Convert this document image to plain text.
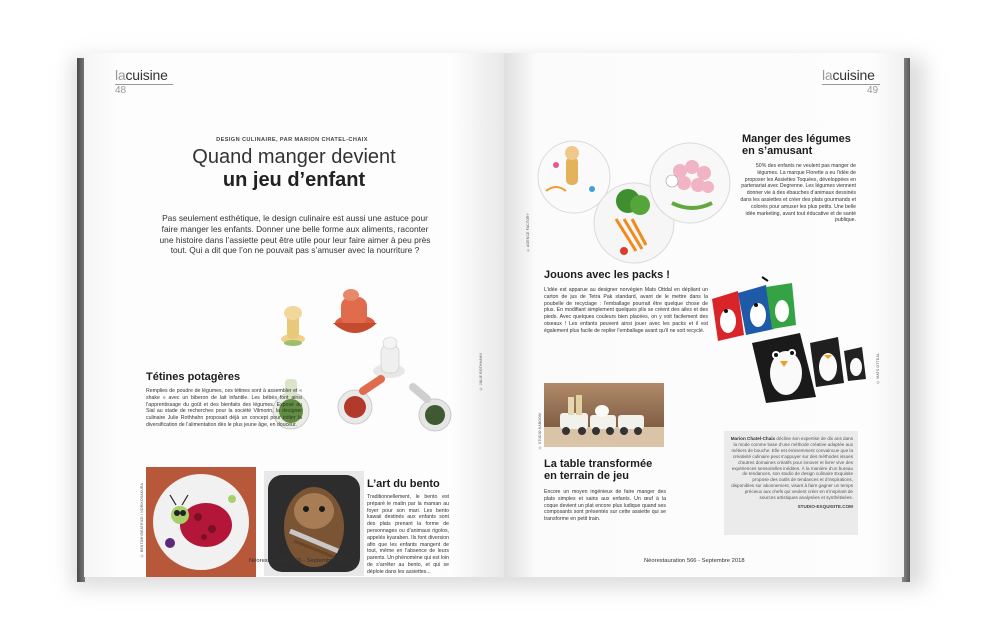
lacuisine
48
DESIGN CULINAIRE, PAR MARION CHATEL-CHAIX
Quand manger devient
un jeu d’enfant
Pas seulement esthétique, le design culinaire est aussi une astuce pour faire manger les enfants. Donner une belle forme aux aliments, raconter une histoire dans l’assiette peut être utile pour leur faire aimer à peu près tout. Qui a dit que l’on ne pouvait pas s’amuser avec la nourriture ?
© JULIE ROTHHAHN
Tétines potagères
Remplies de poudre de légumes, ces tétines sont à assembler et « shake » avec un biberon de lait infantile. Les bébés font ainsi l’apprentissage du goût et des bienfaits des légumes. Exposé au Sial au stade de recherches pour la société Vilmorin, la designer culinaire Julie Rothhahn proposait déjà un concept pour initier la diversification de l’alimentation dès le plus jeune âge, en douceur.
© BENTOBYBEATRICE / NORIKOSAKURA	L’art du bento
Traditionnellement, le bento est préparé le matin par la maman au foyer pour son mari. Les bento kawaii destinés aux enfants sont des plats prenant la forme de personnages ou d’animaux rigolos, appelés kyaraben. Ils font diversion afin que les enfants mangent de tout, même en l’absence de leurs parents. Un phénomène qui est loin de s’arrêter au bento, et qui se déploie dans les assiettes...
Néorestauration 566 - Septembre 2018
lacuisine
49
© AGENCE FACTORY
Manger des légumes
en s’amusant
50% des enfants ne veulent pas manger de légumes. La marque Florette a eu l’idée de proposer les Assiettes Toquées, développées en partenariat avec Degrenne. Les légumes viennent donner vie à des ébauches d’animaux dessinés dans les assiettes et créer des plats gourmands et colorés pour amuser les plus petits. Une belle idée marketing, avant tout éducative et de santé publique.
Jouons avec les packs !
L’idée est apparue au designer norvégien Mats Ottdal en dépliant un carton de jus de Tetra Pak standard, avant de le mettre dans la poubelle de recyclage : l’emballage pourrait être quelque chose de plus. En modifiant simplement quelques plis se créent des ailes et des pieds. Avec quelques couleurs bien placées, on y voit facilement des oiseaux ! Les enfants peuvent ainsi jouer avec les packs et il est également plus facile de replier l’emballage avant qu’il ne soit recyclé.
© MATS OTTDAL
© STUDIO KABOOM
La table transformée
en terrain de jeu
Encore un moyen ingénieux de faire manger des plats simples et sains aux enfants. Un œuf à la coque devient un plat encore plus ludique quand ses composants sont présentés sur cette assiette qui se transforme en petit train.
Marion Chatel-Chaix décline son expertise de dix ans dans la mode comme base d’une méthode créative adaptée aux métiers de bouche. Elle est éminemment convaincue que la créativité culinaire peut s’appuyer sur des méthodes issues d’autres domaines créatifs pour innover et livrer vive des expériences sensorielles inédites. À la manière d’un bureau de tendances, son studio de design culinaire Exquisite propose des outils de tendances et d’inspirations, disponibles sur abonnement, visant à faire gagner un temps précieux aux chefs qui veulent créer en s’inspirant de sources artistiques analysées et synthétisées.
STUDIO-EXQUISITE.COM
Néorestauration 566 - Septembre 2018
